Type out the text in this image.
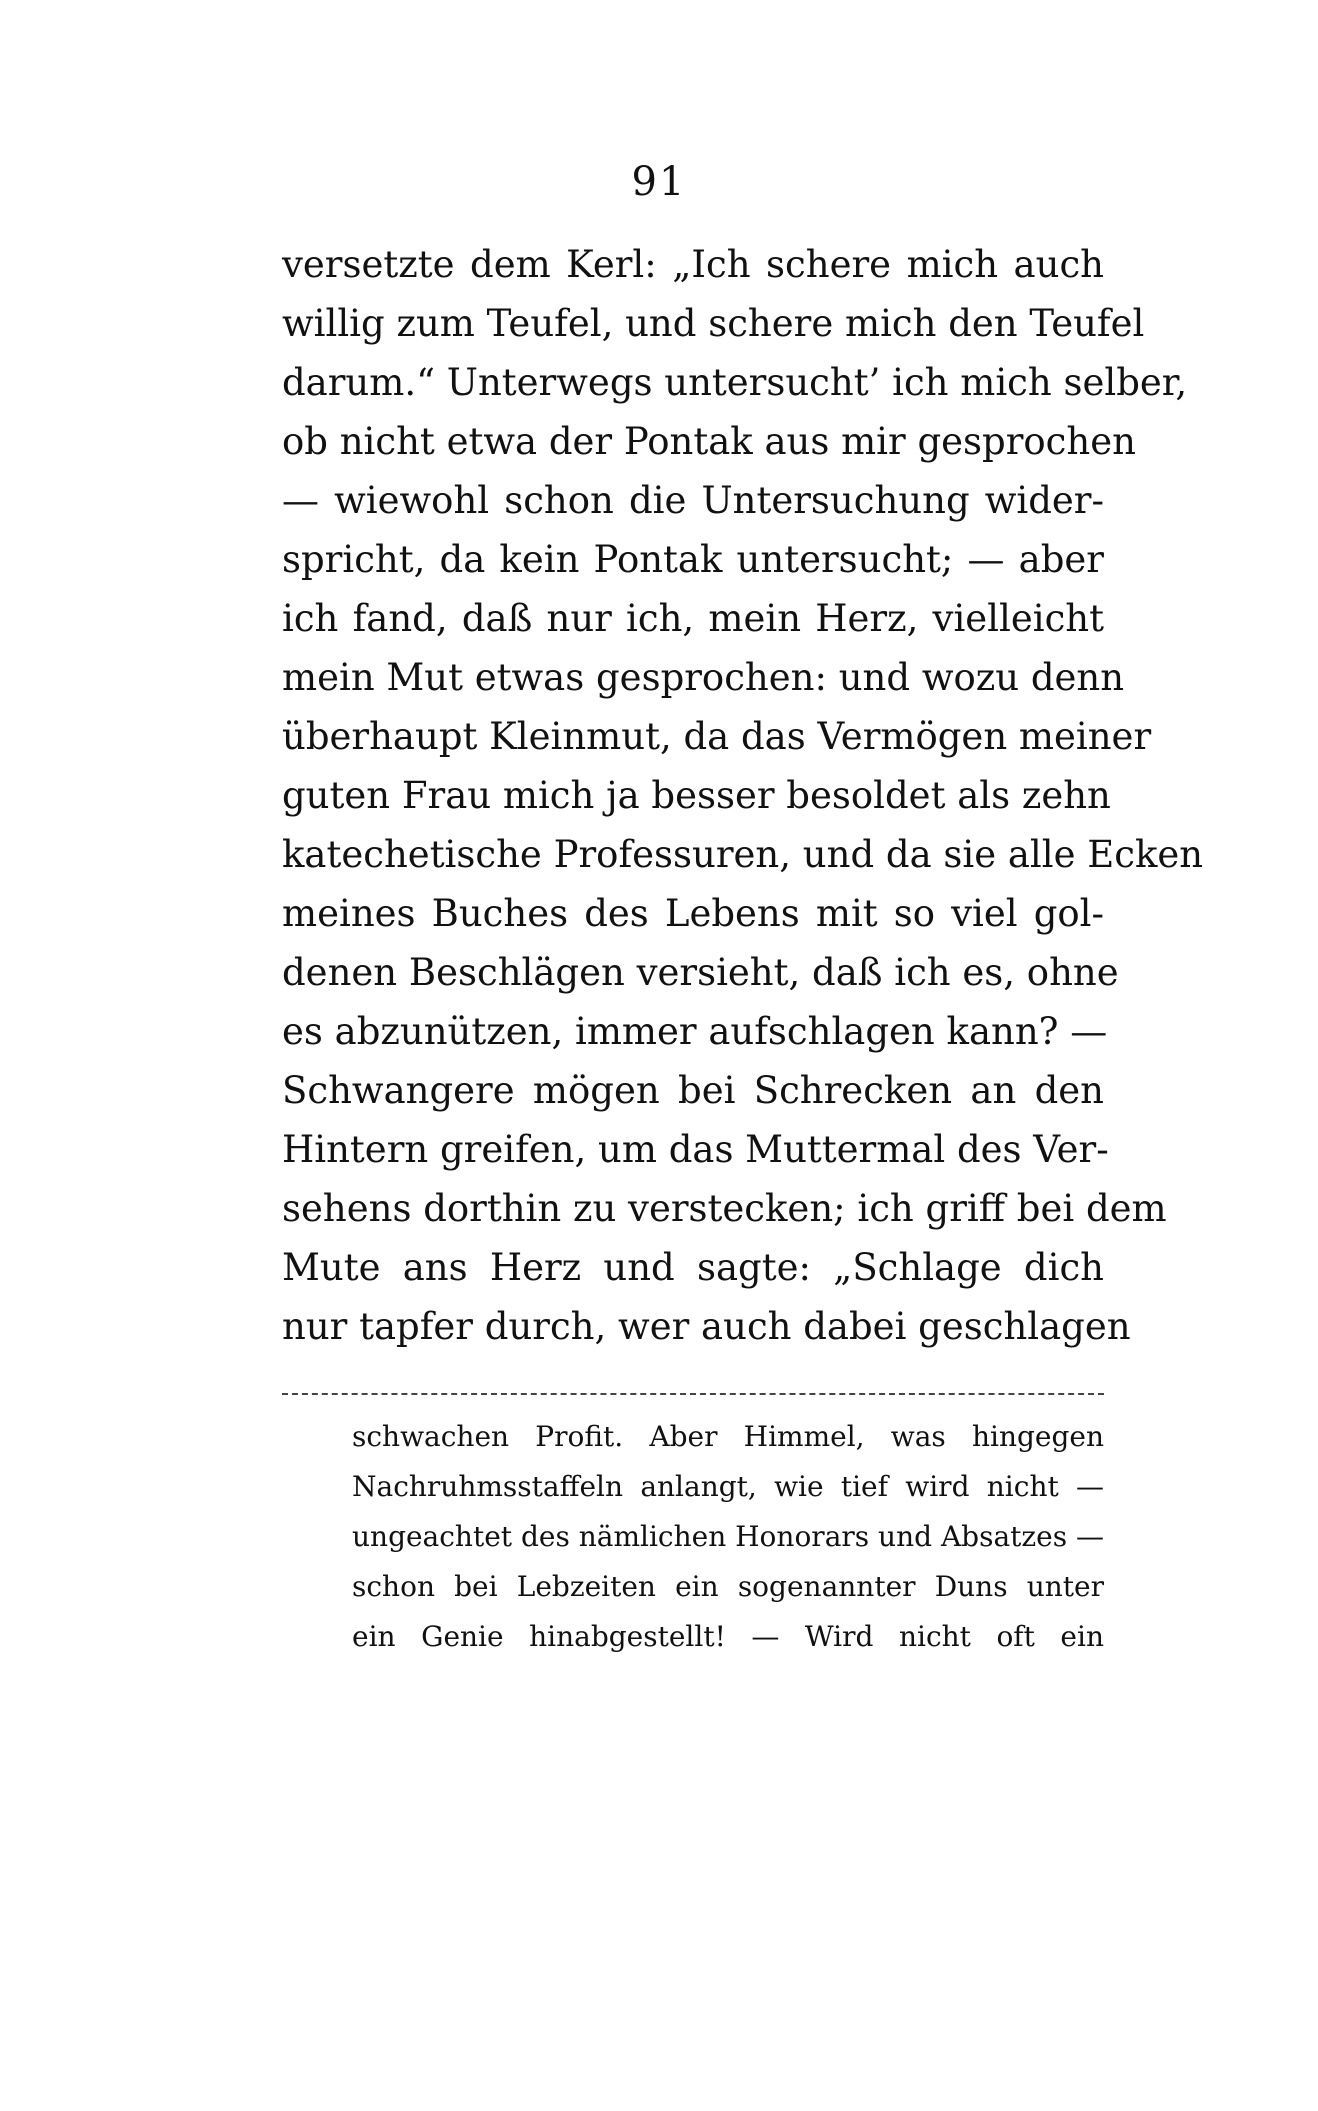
91
versetzte dem Kerl: „Ich schere mich auch
willig zum Teufel, und schere mich den Teufel
darum.“ Unterwegs untersucht’ ich mich selber,
ob nicht etwa der Pontak aus mir gesprochen
— wiewohl schon die Untersuchung wider-
spricht, da kein Pontak untersucht; — aber
ich fand, daß nur ich, mein Herz, vielleicht
mein Mut etwas gesprochen: und wozu denn
überhaupt Kleinmut, da das Vermögen meiner
guten Frau mich ja besser besoldet als zehn
katechetische Professuren, und da sie alle Ecken
meines Buches des Lebens mit so viel gol-
denen Beschlägen versieht, daß ich es, ohne
es abzunützen, immer aufschlagen kann? —
Schwangere mögen bei Schrecken an den
Hintern greifen, um das Muttermal des Ver-
sehens dorthin zu verstecken; ich griff bei dem
Mute ans Herz und sagte: „Schlage dich
nur tapfer durch, wer auch dabei geschlagen
schwachen Profit. Aber Himmel, was hingegen
Nachruhmsstaffeln anlangt, wie tief wird nicht —
ungeachtet des nämlichen Honorars und Absatzes —
schon bei Lebzeiten ein sogenannter Duns unter
ein Genie hinabgestellt! — Wird nicht oft ein
